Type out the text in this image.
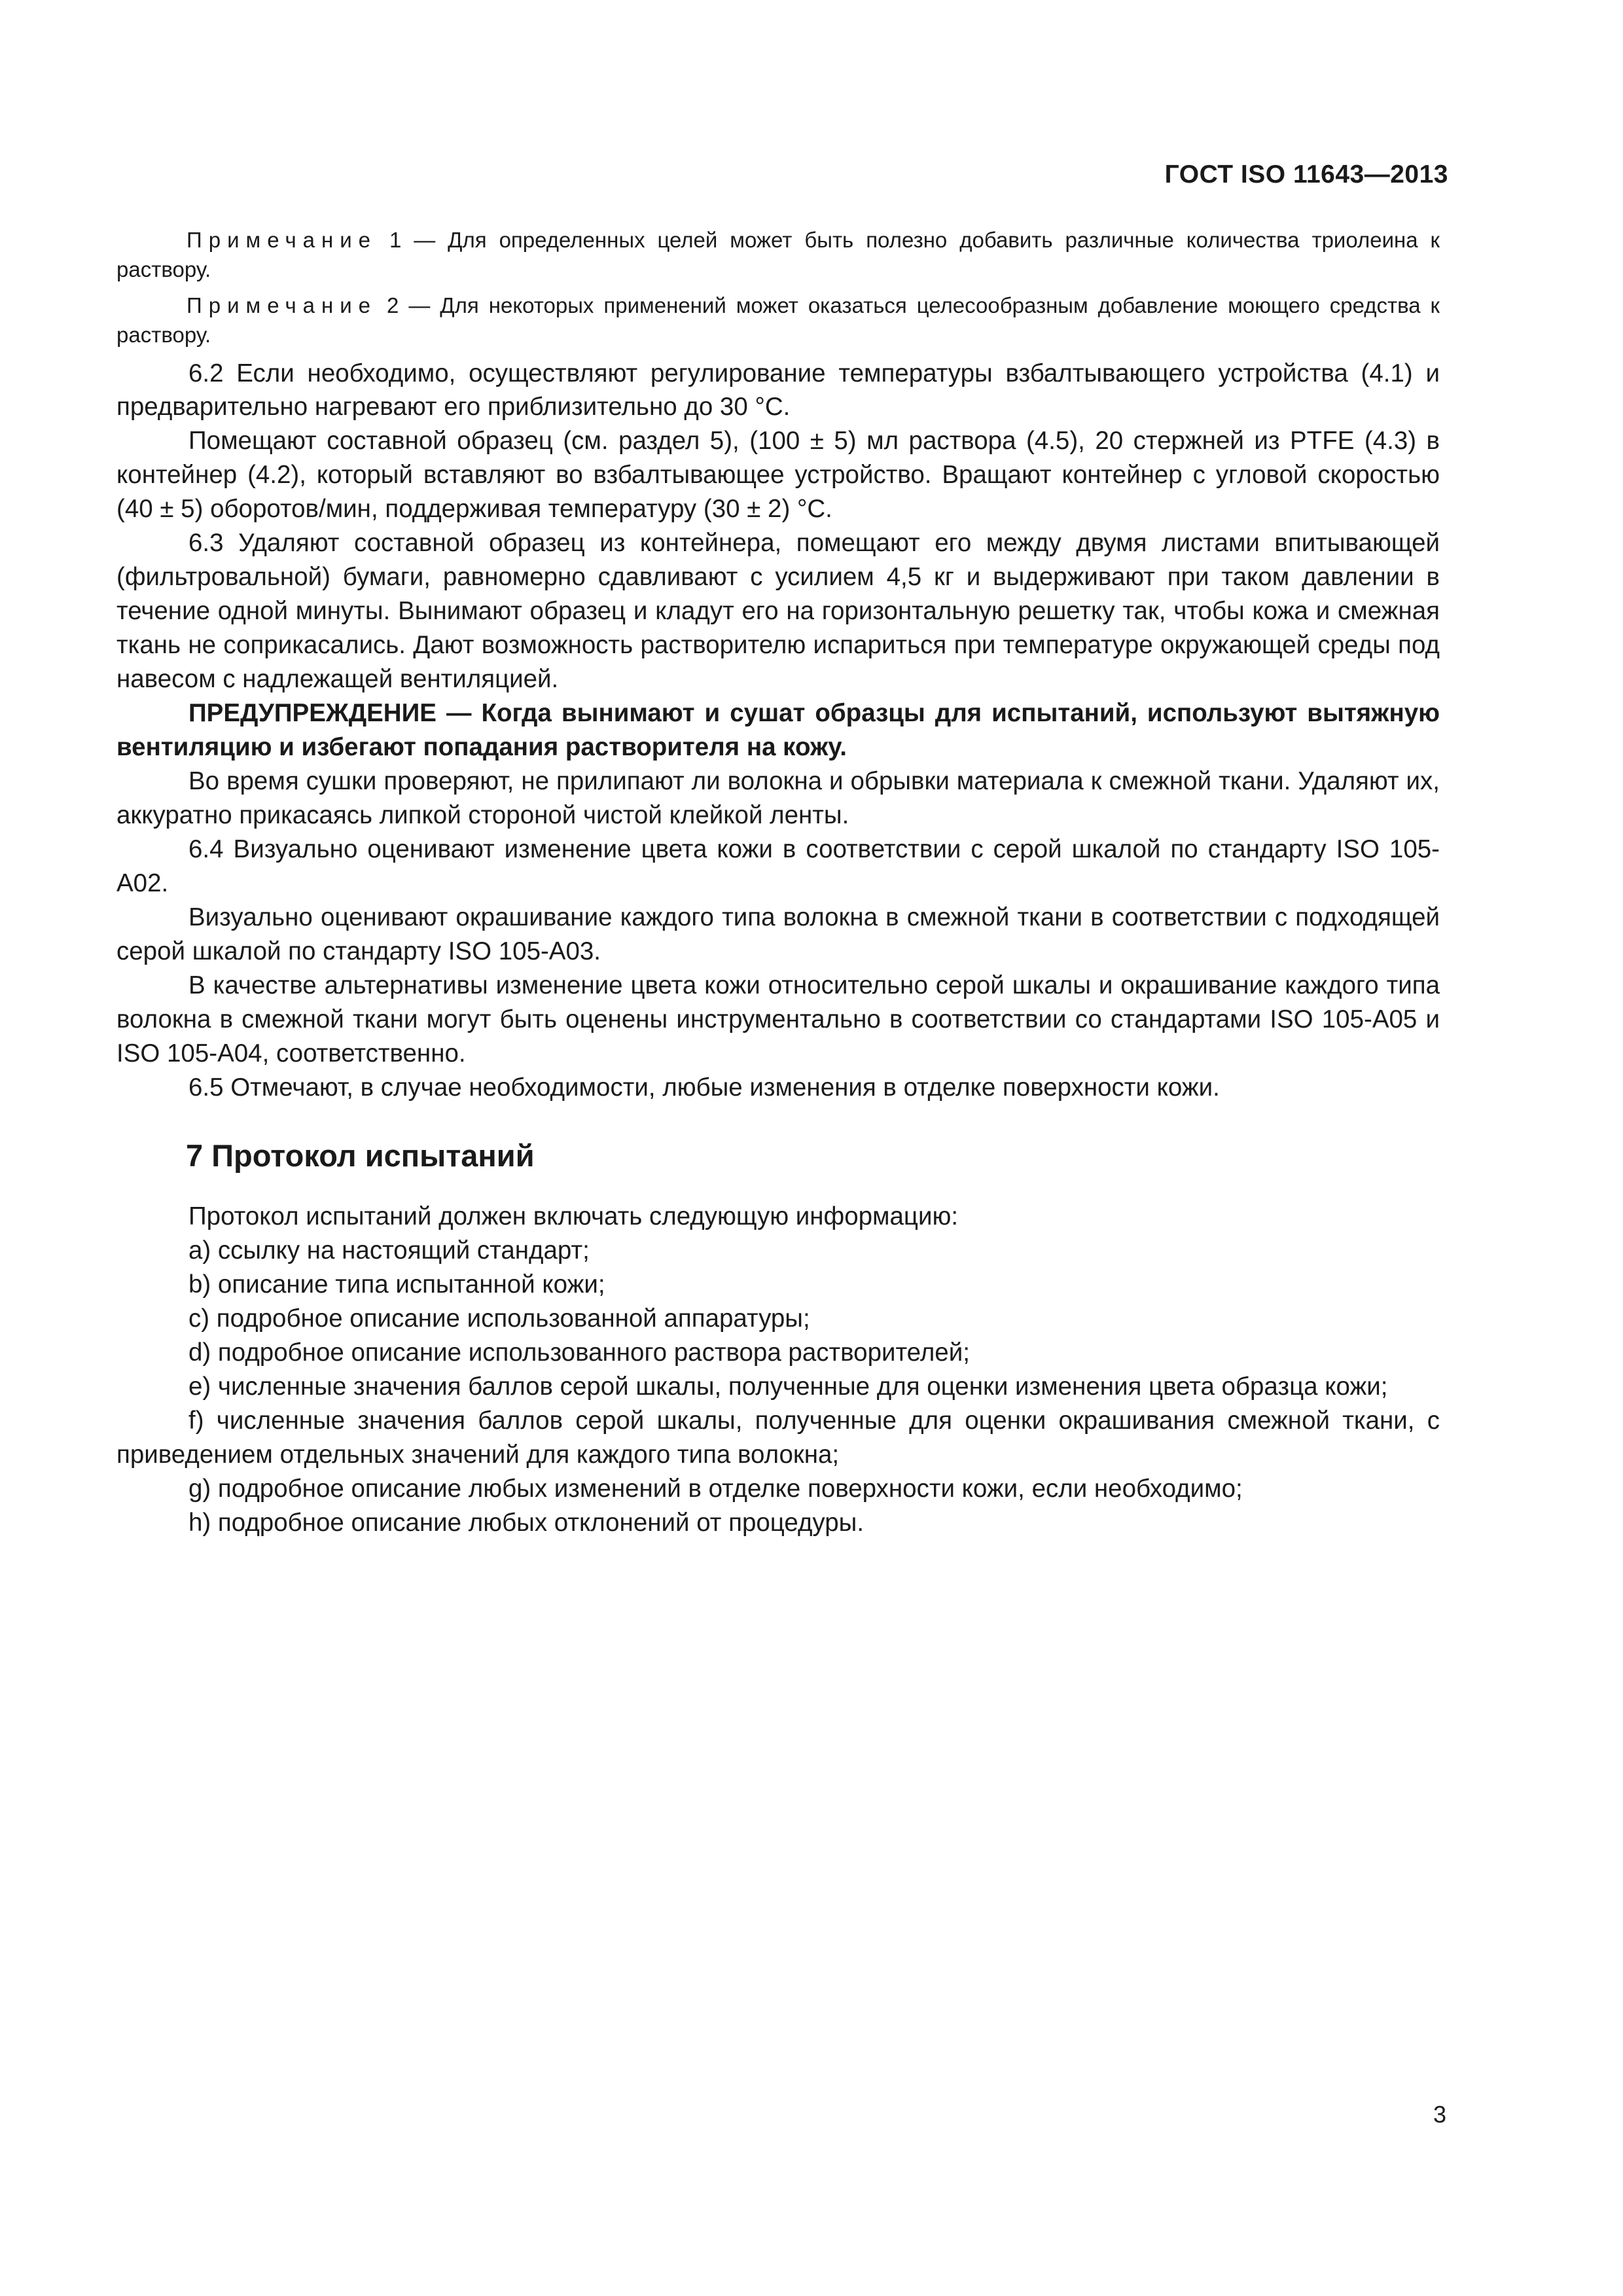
ГОСТ ISO 11643—2013

Примечание 1 — Для определенных целей может быть полезно добавить различные количества триолеина к раствору.

Примечание 2 — Для некоторых применений может оказаться целесообразным добавление моющего средства к раствору.

6.2 Если необходимо, осуществляют регулирование температуры взбалтывающего устройства (4.1) и предварительно нагревают его приблизительно до 30 °С.

Помещают составной образец (см. раздел 5), (100 ± 5) мл раствора (4.5), 20 стержней из PTFE (4.3) в контейнер (4.2), который вставляют во взбалтывающее устройство. Вращают контейнер с угловой скоростью (40 ± 5) оборотов/мин, поддерживая температуру (30 ± 2) °С.

6.3 Удаляют составной образец из контейнера, помещают его между двумя листами впитывающей (фильтровальной) бумаги, равномерно сдавливают с усилием 4,5 кг и выдерживают при таком давлении в течение одной минуты. Вынимают образец и кладут его на горизонтальную решетку так, чтобы кожа и смежная ткань не соприкасались. Дают возможность растворителю испариться при температуре окружающей среды под навесом с надлежащей вентиляцией.

ПРЕДУПРЕЖДЕНИЕ — Когда вынимают и сушат образцы для испытаний, используют вытяжную вентиляцию и избегают попадания растворителя на кожу.

Во время сушки проверяют, не прилипают ли волокна и обрывки материала к смежной ткани. Удаляют их, аккуратно прикасаясь липкой стороной чистой клейкой ленты.

6.4 Визуально оценивают изменение цвета кожи в соответствии с серой шкалой по стандарту ISO 105-A02.

Визуально оценивают окрашивание каждого типа волокна в смежной ткани в соответствии с подходящей серой шкалой по стандарту ISO 105-A03.

В качестве альтернативы изменение цвета кожи относительно серой шкалы и окрашивание каждого типа волокна в смежной ткани могут быть оценены инструментально в соответствии со стандартами ISO 105-A05 и ISO 105-A04, соответственно.

6.5 Отмечают, в случае необходимости, любые изменения в отделке поверхности кожи.

7 Протокол испытаний

Протокол испытаний должен включать следующую информацию:

a) ссылку на настоящий стандарт;

b) описание типа испытанной кожи;

c) подробное описание использованной аппаратуры;

d) подробное описание использованного раствора растворителей;

e) численные значения баллов серой шкалы, полученные для оценки изменения цвета образца кожи;

f) численные значения баллов серой шкалы, полученные для оценки окрашивания смежной ткани, с приведением отдельных значений для каждого типа волокна;

g) подробное описание любых изменений в отделке поверхности кожи, если необходимо;

h) подробное описание любых отклонений от процедуры.

3
